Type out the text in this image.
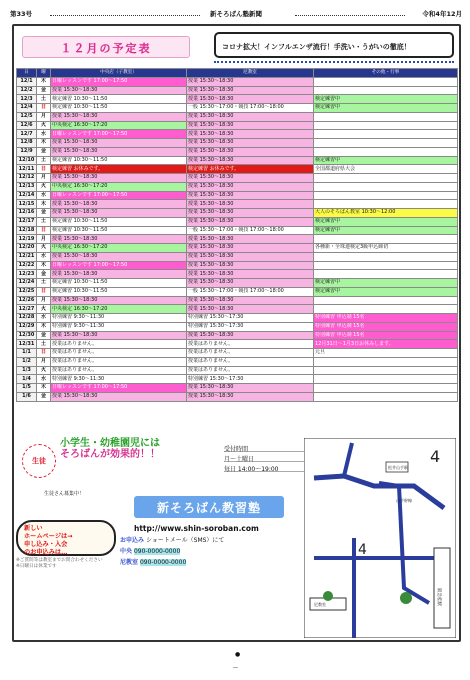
第33号	新そろばん塾新聞	令和4年12月
１２月の予定表	コロナ拡大！インフルエンザ流行！手洗い・うがいの徹底！
日	曜	中央店（子教室）	尼教室	その他・行事
12/1	木	日曜レッスンです 17:00〜17:50	授業 15:30〜18:30	
12/2	金	授業 15:30〜18:30	授業 15:30〜18:30	
12/3	土	検定練習 10:30〜11:50	授業 15:30〜18:30	検定練習中
12/4	日	検定練習 10:30〜11:50	一般 15:30〜17:00・競技 17:00〜18:00	検定練習中
12/5	月	授業 15:30〜18:30	授業 15:30〜18:30	
12/6	火	中央検定 16:30〜17:20	授業 15:30〜18:30	
12/7	水	日曜レッスンです 17:00〜17:50	授業 15:30〜18:30	
12/8	木	授業 15:30〜18:30	授業 15:30〜18:30	
12/9	金	授業 15:30〜18:30	授業 15:30〜18:30	
12/10	土	検定練習 10:30〜11:50	授業 15:30〜18:30	検定練習中
12/11	日	検定練習 お休みです。	検定練習 お休みです。	全国都道府県大会
12/12	月	授業 15:30〜18:30	授業 15:30〜18:30	
12/13	火	中央検定 16:30〜17:20	授業 15:30〜18:30	
12/14	水	日曜レッスンです 17:00〜17:50	授業 15:30〜18:30	
12/15	木	授業 15:30〜18:30	授業 15:30〜18:30	
12/16	金	授業 15:30〜18:30	授業 15:30〜18:30	大人のそろばん教室 10:30〜12:00
12/17	土	検定練習 10:30〜11:50	授業 15:30〜18:30	検定練習中
12/18	日	検定練習 10:30〜11:50	一般 15:30〜17:00・競技 17:00〜18:00	検定練習中
12/19	月	授業 15:30〜18:30	授業 15:30〜18:30	
12/20	火	中央検定 16:30〜17:20	授業 15:30〜18:30	各種新・全珠連検定3級申込締切
12/21	水	授業 15:30〜18:30	授業 15:30〜18:30	
12/22	木	日曜レッスンです 17:00〜17:50	授業 15:30〜18:30	
12/23	金	授業 15:30〜18:30	授業 15:30〜18:30	
12/24	土	検定練習 10:30〜11:50	授業 15:30〜18:30	検定練習中
12/25	日	検定練習 10:30〜11:50	一般 15:30〜17:00・競技 17:00〜18:00	検定練習中
12/26	月	授業 15:30〜18:30	授業 15:30〜18:30	
12/27	火	中央検定 16:30〜17:20	授業 15:30〜18:30	
12/28	水	特別練習 9:30〜11:30	特別練習 15:30〜17:30	特別練習 申込制 15名
12/29	木	特別練習 9:30〜11:30	特別練習 15:30〜17:30	特別練習 申込制 15名
12/30	金	授業 15:30〜18:30	授業 15:30〜18:30	特別練習 申込制 15名
12/31	土	授業はありません。	授業はありません。	12月31日〜1月3日お休みします。
1/1	日	授業はありません。	授業はありません。	元旦
1/2	月	授業はありません。	授業はありません。	
1/3	火	授業はありません。	授業はありません。	
1/4	水	特別練習 9:30〜11:30	特別練習 15:30〜17:30	
1/5	木	日曜レッスンです 17:00〜17:50	授業 15:30〜18:30	
1/6	金	授業 15:30〜18:30	授業 15:30〜18:30	
生徒
小学生・幼稚園児には
そろばんが効果的！！	受付時間
月〜土曜日
毎日 14:00〜19:00
生徒さん募集中！
新そろばん教習塾
新しい
ホームページは→
申し込み・入会
のお申込みは…
http://www.shin-soroban.com
お申込み ショートメール（SMS）にて
中央 090-0000-0000
尼教室 090-0000-0000
※ご質問等は教室までお問合わせください
※日曜日は休業です
4
松井山手駅
山手幹線
尼教室	阪急桂駅
4
●
—
